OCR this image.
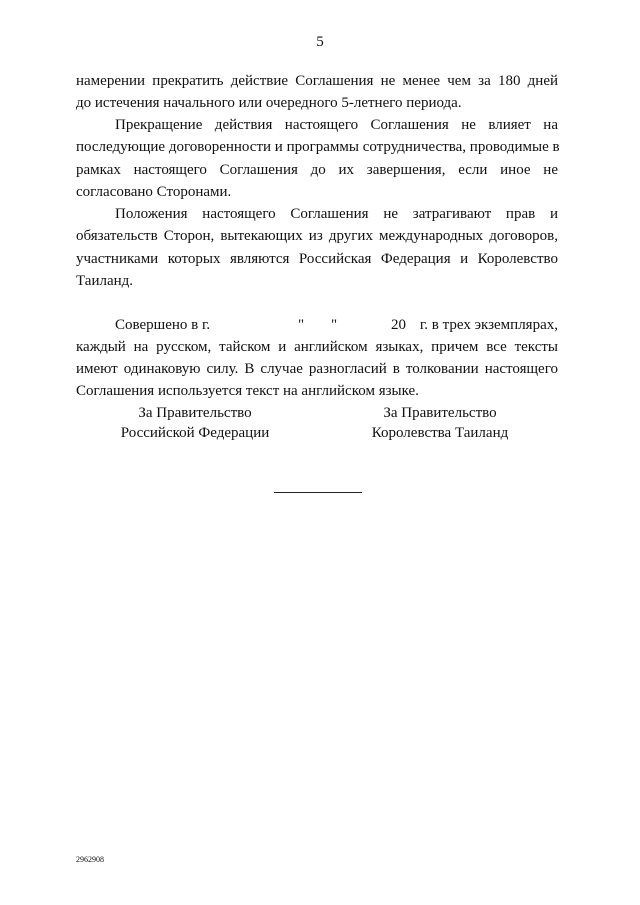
5
намерении прекратить действие Соглашения не менее чем за 180 дней
до истечения начального или очередного 5-летнего периода.
Прекращение действия настоящего Соглашения не влияет на
последующие договоренности и программы сотрудничества, проводимые в
рамках настоящего Соглашения до их завершения, если иное не
согласовано Сторонами.
Положения настоящего Соглашения не затрагивают прав и
обязательств Сторон, вытекающих из других международных договоров,
участниками которых являются Российская Федерация и Королевство
Таиланд.
Совершено в г.	" "	20 г. в трех экземплярах,
каждый на русском, тайском и английском языках, причем все тексты
имеют одинаковую силу. В случае разногласий в толковании настоящего
Соглашения используется текст на английском языке.
За Правительство
Российской Федерации
За Правительство
Королевства Таиланд
2962908
